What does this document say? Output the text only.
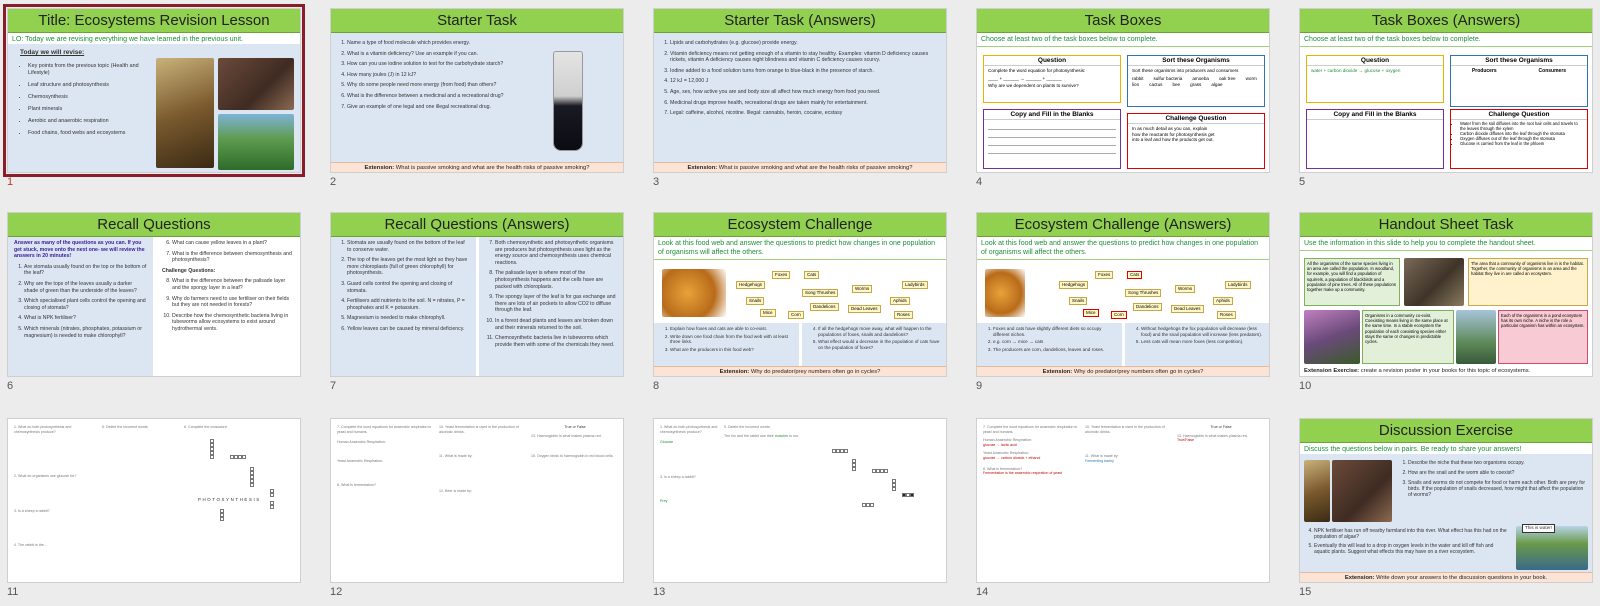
Title: Ecosystems Revision Lesson
LO: Today we are revising everything we have learned in the previous unit.
Today we will revise:
• Key points from the previous topic (Health and Lifestyle)
• Leaf structure and photosynthesis
• Chemosynthesis
• Plant minerals
• Aerobic and anaerobic respiration
• Food chains, food webs and ecosystems
1
Starter Task
1. Name a type of food molecule which provides energy.
2. What is a vitamin deficiency? Use an example if you can.
3. How can you use iodine solution to test for the carbohydrate starch?
4. How many joules (J) in 12 kJ?
5. Why do some people need more energy (from food) than others?
6. What is the difference between a medicinal and a recreational drug?
7. Give an example of one legal and one illegal recreational drug.
Extension: What is passive smoking and what are the health risks of passive smoking?
2
Starter Task (Answers)
1. Lipids and carbohydrates (e.g. glucose) provide energy.
2. Vitamin deficiency means not getting enough of a vitamin to stay healthy. Examples: vitamin D deficiency causes rickets, vitamin A deficiency causes night blindness and vitamin C deficiency causes scurvy.
3. Iodine added to a food solution turns from orange to blue-black in the presence of starch.
4. 12 kJ = 12,000 J
5. Age, sex, how active you are and body size all affect how much energy from food you need.
6. Medicinal drugs improve health, recreational drugs are taken mainly for entertainment.
7. Legal: caffeine, alcohol, nicotine. Illegal: cannabis, heroin, cocaine, ecstasy
Extension: What is passive smoking and what are the health risks of passive smoking?
3
Task Boxes
Choose at least two of the task boxes below to complete.
Question
Complete the word equation for photosynthesis:
____ + ______ → ______ + ______
Why are we dependent on plants to survive?
Sort these Organisms
Sort these organisms into producers and consumers
rabbit sulfur bacteria amoeba oak tree worm
lion cactus bee grass algae
Copy and Fill in the Blanks
Challenge Question
In as much detail as you can, explain how the reactants for photosynthesis get into a leaf and how the products get out.
4
Task Boxes (Answers)
Choose at least two of the task boxes below to complete.
Question
water + carbon dioxide → glucose + oxygen
Sort these Organisms
Producers	Consumers
Copy and Fill in the Blanks	Challenge Question
• Water from the soil diffuses into the root hair cells and travels to the leaves through the xylem
• Carbon dioxide diffuses into the leaf through the stomata
• Oxygen diffuses out of the leaf through the stomata
• Glucose is carried from the leaf in the phloem
5
Recall Questions
Answer as many of the questions as you can. If you get stuck, move onto the next one- we will review the answers in 20 minutes!
1. Are stomata usually found on the top or the bottom of the leaf?
2. Why are the tops of the leaves usually a darker shade of green than the underside of the leaves?
3. Which specialised plant cells control the opening and closing of stomata?
4. What is NPK fertiliser?
5. Which minerals (nitrates, phosphates, potassium or magnesium) is needed to make chlorophyll?
6. What can cause yellow leaves in a plant?
7. What is the difference between chemosynthesis and photosynthesis?
Challenge Questions:
8. What is the difference between the palisade layer and the spongy layer in a leaf?
9. Why do farmers need to use fertiliser on their fields but they are not needed in forests?
10. Describe how the chemosynthetic bacteria living in tubeworms allow ecosystems to exist around hydrothermal vents.
6
Recall Questions (Answers)
1. Stomata are usually found on the bottom of the leaf to conserve water.
2. The top of the leaves get the most light so they have more chloroplasts (full of green chlorophyll) for photosynthesis.
3. Guard cells control the opening and closing of stomata.
4. Fertilisers add nutrients to the soil. N = nitrates, P = phosphates and K = potassium.
5. Magnesium is needed to make chlorophyll.
6. Yellow leaves can be caused by mineral deficiency.
7. Both chemosynthetic and photosynthetic organisms are producers but photosynthesis uses light as the energy source and chemosynthesis uses chemical reactions.
8. The palisade layer is where most of the photosynthesis happens and the cells have are packed with chloroplasts.
9. The spongy layer of the leaf is for gas exchange and there are lots of air pockets to allow CO2 to diffuse through the leaf.
10. In a forest dead plants and leaves are broken down and their minerals returned to the soil.
11. Chemosynthetic bacteria live in tubeworms which provide them with some of the chemicals they need.
7
Ecosystem Challenge
Look at this food web and answer the questions to predict how changes in one population of organisms will affect the others.
Hedgehogs
Foxes	Cats
Ladybirds
Worms
Song Thrushes
Snails	Aphids
Dandelions	Dead Leaves
Mice	Corn	Roses
1. Explain how foxes and cats are able to co-exist.
2. Write down one food chain from the food web with at least three links.
3. What are the producers in this food web?
4. If all the hedgehogs move away, what will happen to the populations of foxes, snails and dandelions?
5. What effect would a decrease in the population of cats have on the population of foxes?
Extension: Why do predator/prey numbers often go in cycles?
8
Ecosystem Challenge (Answers)
Look at this food web and answer the questions to predict how changes in one population of organisms will affect the others.
Hedgehogs
Foxes	Cats
Ladybirds
Worms
Song Thrushes
Snails	Aphids
Dandelions	Dead Leaves
Mice	Corn	Roses
1. Foxes and cats have slightly different diets so occupy different niches.
2. e.g. corn → mice → cats
3. The producers are corn, dandelions, leaves and roses.
4. Without hedgehogs the fox population will decrease (less food) and the snail population will increase (less predators).
5. Less cats will mean more foxes (less competition).
Extension: Why do predator/prey numbers often go in cycles?
9
Handout Sheet Task
Use the information in this slide to help you to complete the handout sheet.
All the organisms of the same species living in an area are called the population. In woodland, for example, you will find a population of squirrels, a population of blackbirds and a population of pine trees. All of these populations together make up a community.
The area that a community of organisms live in is the habitat. Together, the community of organisms in an area and the habitat they live in are called an ecosystem.
Organisms in a community co-exist. Coexisting means living in the same place at the same time. In a stable ecosystem the population of each coexisting species either stays the same or changes in predictable cycles.
Each of the organisms in a pond ecosystem has its own niche. A niche is the role a particular organism has within an ecosystem.
Extension Exercise: create a revision poster in your books for this topic of ecosystems.
10
1. What do both photosynthesis and chemosynthesis produce?
2. What do organisms use glucose for?
3. Is a sheep a rabbit?
4. The rabbit is the...
5. Delete the incorrect words	6. Complete the crossword
PHOTOSYNTHESIS
11
7. Complete the word equations for anaerobic respiration in yeast and humans.
Human Anaerobic Respiration:
Yeast Anaerobic Respiration:
8. What is fermentation?
10. Yeast fermentation is used in the production of alcoholic drinks.
11. What is made by:
12. Beer is made by:
True or False
13. Haemoglobin is what makes plasma red.
15. Oxygen binds to haemoglobin in red blood cells.
12
1. What do both photosynthesis and chemosynthesis produce?
Glucose
3. Is a sheep a rabbit?
Prey
5. Delete the incorrect words
The fox and the rabbit use their muscles to run.
13
7. Complete the word equations for anaerobic respiration in yeast and humans.
Human Anaerobic Respiration:
glucose → lactic acid
Yeast Anaerobic Respiration:
glucose → carbon dioxide + ethanol
8. What is fermentation?
Fermentation is the anaerobic respiration of yeast
10. Yeast fermentation is used in the production of alcoholic drinks.
11. What is made by:
Fermenting barley
True or False
13. Haemoglobin is what makes plasma red. True/False
14
Discussion Exercise
Discuss the questions below in pairs. Be ready to share your answers!
1. Describe the niche that these two organisms occupy.
2. How are the snail and the worm able to coexist?
3. Snails and worms do not compete for food or harm each other. Both are prey for birds. If the population of snails decreased, how might that affect the population of worms?
4. NPK fertiliser has run off nearby farmland into this river. What effect has this had on the population of algae?
5. Eventually this will lead to a drop in oxygen levels in the water and kill off fish and aquatic plants. Suggest what effects this may have on a river ecosystem.
This is water!
Extension: Write down your answers to the discussion questions in your book.
15
